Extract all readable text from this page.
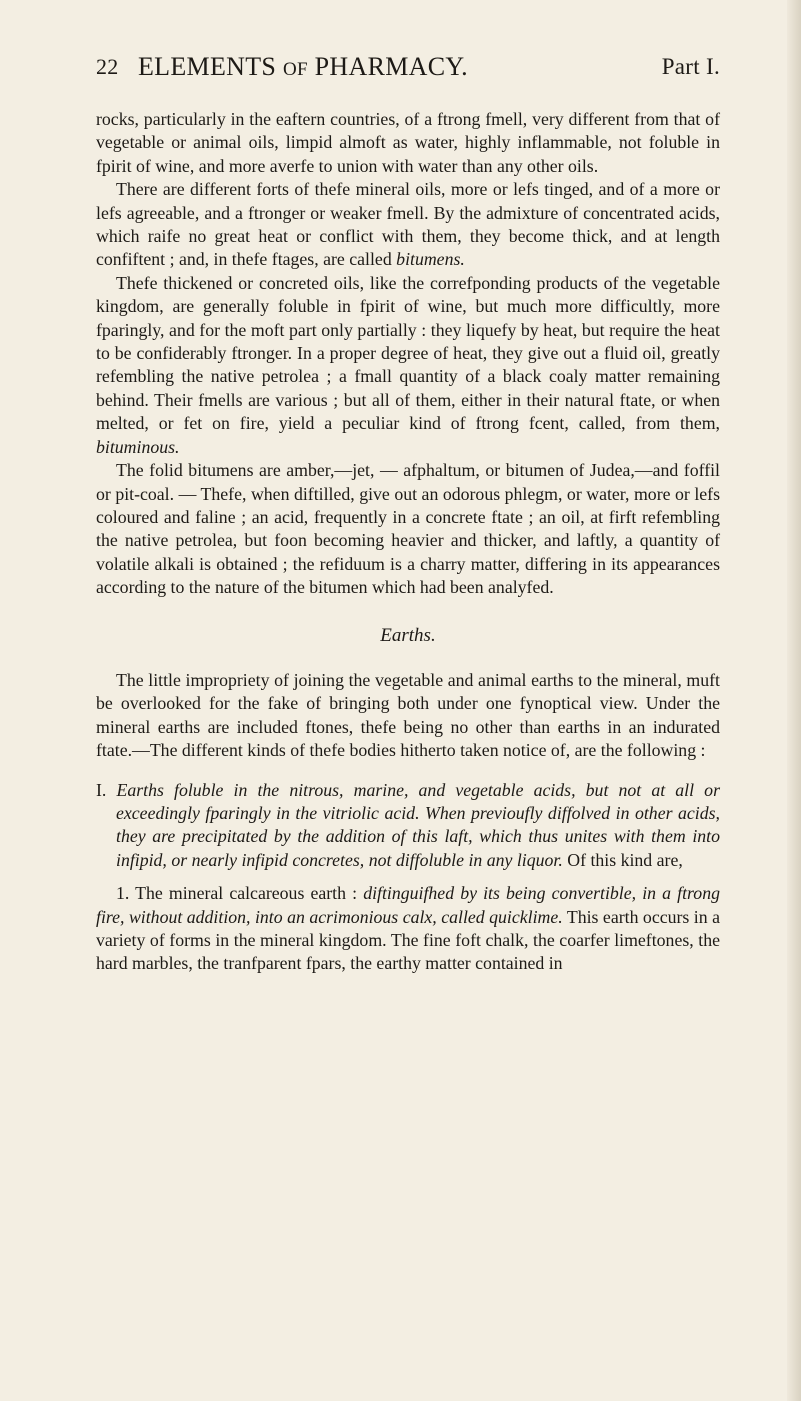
22 ELEMENTS OF PHARMACY.	Part I.

rocks, particularly in the eaftern countries, of a ftrong fmell, very different from that of vegetable or animal oils, limpid almoft as water, highly inflammable, not foluble in fpirit of wine, and more averfe to union with water than any other oils.

There are different forts of thefe mineral oils, more or lefs tinged, and of a more or lefs agreeable, and a ftronger or weaker fmell. By the admixture of concentrated acids, which raife no great heat or conflict with them, they become thick, and at length confiftent ; and, in thefe ftages, are called bitumens.

Thefe thickened or concreted oils, like the correfponding products of the vegetable kingdom, are generally foluble in fpirit of wine, but much more difficultly, more fparingly, and for the moft part only partially : they liquefy by heat, but require the heat to be confiderably ftronger. In a proper degree of heat, they give out a fluid oil, greatly refembling the native petrolea ; a fmall quantity of a black coaly matter remaining behind. Their fmells are various ; but all of them, either in their natural ftate, or when melted, or fet on fire, yield a peculiar kind of ftrong fcent, called, from them, bituminous.

The folid bitumens are amber,—jet, — afphaltum, or bitumen of Judea,—and foffil or pit-coal. — Thefe, when diftilled, give out an odorous phlegm, or water, more or lefs coloured and faline ; an acid, frequently in a concrete ftate ; an oil, at firft refembling the native petrolea, but foon becoming heavier and thicker, and laftly, a quantity of volatile alkali is obtained ; the refiduum is a charry matter, differing in its appearances according to the nature of the bitumen which had been analyfed.

Earths.

The little impropriety of joining the vegetable and animal earths to the mineral, muft be overlooked for the fake of bringing both under one fynoptical view. Under the mineral earths are included ftones, thefe being no other than earths in an indurated ftate.—The different kinds of thefe bodies hitherto taken notice of, are the following :

I. Earths foluble in the nitrous, marine, and vegetable acids, but not at all or exceedingly fparingly in the vitriolic acid. When previoufly diffolved in other acids, they are precipitated by the addition of this laft, which thus unites with them into infipid, or nearly infipid concretes, not diffoluble in any liquor. Of this kind are,

1. The mineral calcareous earth : diftinguifhed by its being convertible, in a ftrong fire, without addition, into an acrimonious calx, called quicklime. This earth occurs in a variety of forms in the mineral kingdom. The fine foft chalk, the coarfer limeftones, the hard marbles, the tranfparent fpars, the earthy matter contained in
